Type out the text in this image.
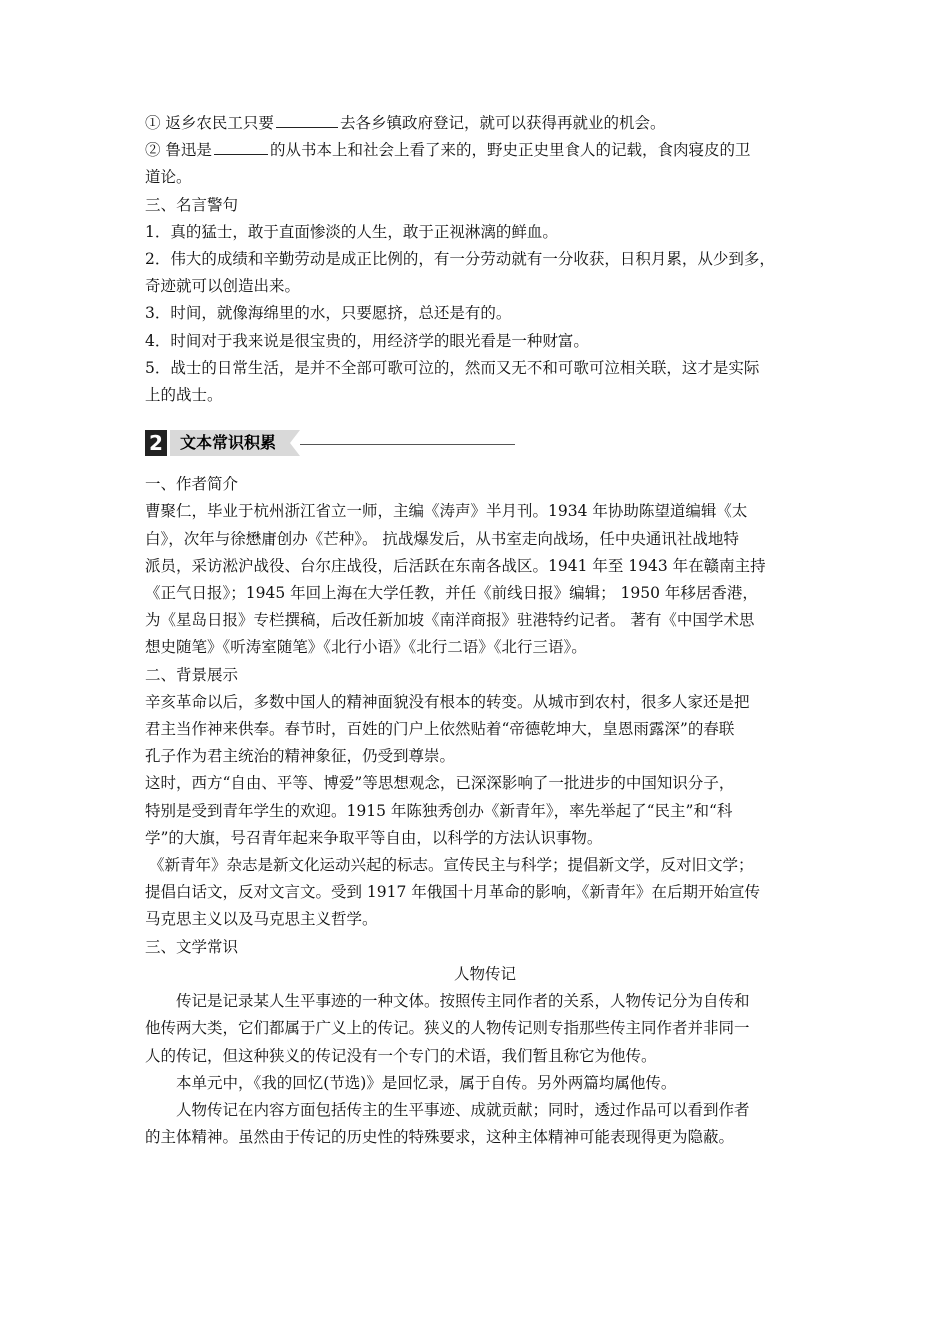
① 返乡农民工只要	去各乡镇政府登记，就可以获得再就业的机会。
② 鲁迅是	的从书本上和社会上看了来的，野史正史里食人的记载，食肉寝皮的卫
道论。
三、名言警句
1．真的猛士，敢于直面惨淡的人生，敢于正视淋漓的鲜血。
2．伟大的成绩和辛勤劳动是成正比例的，有一分劳动就有一分收获，日积月累，从少到多，
奇迹就可以创造出来。
3．时间，就像海绵里的水，只要愿挤，总还是有的。
4．时间对于我来说是很宝贵的，用经济学的眼光看是一种财富。
5．战士的日常生活，是并不全部可歌可泣的，然而又无不和可歌可泣相关联，这才是实际
上的战士。
2	文本常识积累
一、作者简介
曹聚仁，毕业于杭州浙江省立一师，主编《涛声》半月刊。1934 年协助陈望道编辑《太
白》，次年与徐懋庸创办《芒种》。 抗战爆发后，从书室走向战场，任中央通讯社战地特
派员，采访淞沪战役、台尔庄战役，后活跃在东南各战区。1941 年至 1943 年在赣南主持
《正气日报》；1945 年回上海在大学任教，并任《前线日报》编辑； 1950 年移居香港，
为《星岛日报》专栏撰稿，后改任新加坡《南洋商报》驻港特约记者。 著有《中国学术思
想史随笔》《听涛室随笔》《北行小语》《北行二语》《北行三语》。
二、背景展示
辛亥革命以后，多数中国人的精神面貌没有根本的转变。从城市到农村，很多人家还是把
君主当作神来供奉。春节时，百姓的门户上依然贴着“帝德乾坤大，皇恩雨露深”的春联
孔子作为君主统治的精神象征，仍受到尊崇。
这时，西方“自由、平等、博爱”等思想观念，已深深影响了一批进步的中国知识分子，
特别是受到青年学生的欢迎。1915 年陈独秀创办《新青年》，率先举起了“民主”和“科
学”的大旗，号召青年起来争取平等自由，以科学的方法认识事物。
《新青年》杂志是新文化运动兴起的标志。宣传民主与科学；提倡新文学，反对旧文学；
提倡白话文，反对文言文。受到 1917 年俄国十月革命的影响，《新青年》在后期开始宣传
马克思主义以及马克思主义哲学。
三、文学常识
人物传记
传记是记录某人生平事迹的一种文体。按照传主同作者的关系，人物传记分为自传和
他传两大类，它们都属于广义上的传记。狭义的人物传记则专指那些传主同作者并非同一
人的传记，但这种狭义的传记没有一个专门的术语，我们暂且称它为他传。
本单元中，《我的回忆(节选)》是回忆录，属于自传。另外两篇均属他传。
人物传记在内容方面包括传主的生平事迹、成就贡献；同时，透过作品可以看到作者
的主体精神。虽然由于传记的历史性的特殊要求，这种主体精神可能表现得更为隐蔽。
